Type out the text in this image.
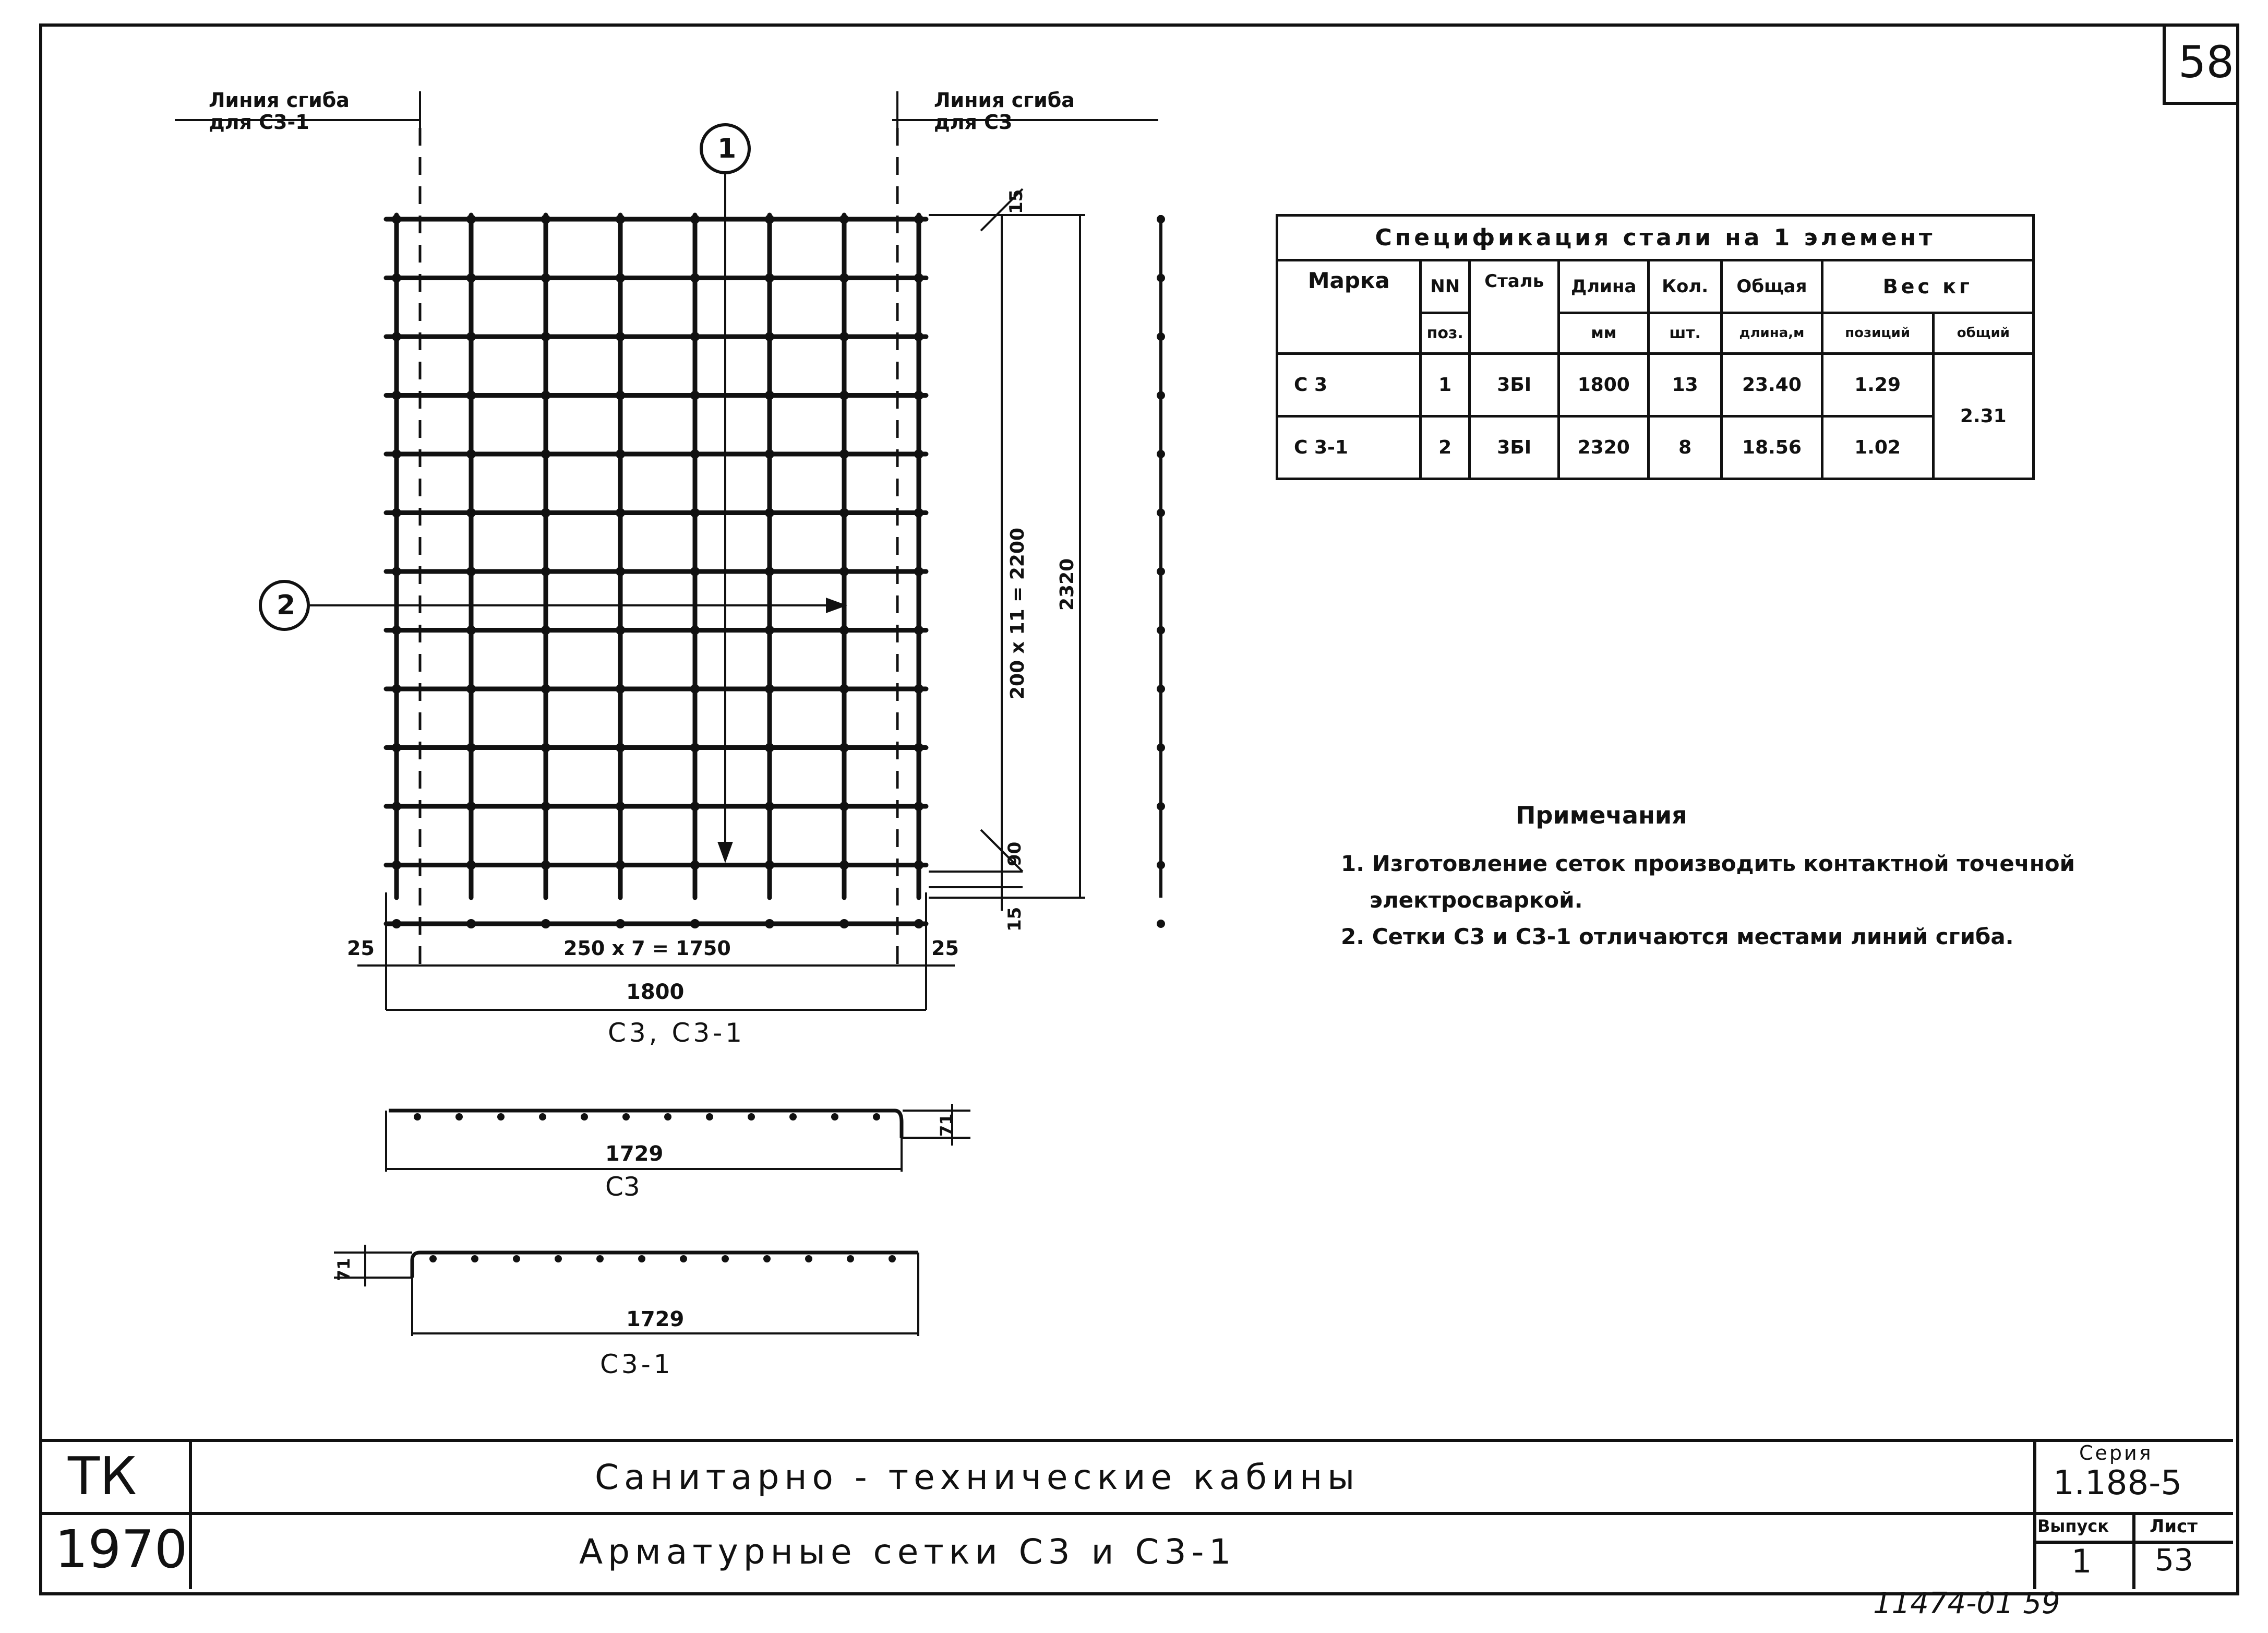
58
Линия сгиба
для С3-1
Линия сгиба
для С3
1
2
15
200 x 11 = 2200 2320
90
15
25	25
250 x 7 = 1750
1800
С3, С3-1
1729
71
С3
1729
71
С3-1
Спецификация стали на 1 элемент							
Марка	NN	Сталь	Длина	Кол.	Общая	Вес кг	
	поз.		мм	шт.	длина,м	позиций	общий
С 3	1	3БI	1800	13	23.40	1.29	2.31
С 3-1	2	3БI	2320	8	18.56	1.02	
Примечания

1. Изготовление сеток производить контактной точечной электросваркой.

2. Сетки С3 и С3-1 отличаются местами линий сгиба.

ТК
1970
Санитарно - технические кабины
Арматурные сетки С3 и С3-1
Серия
1.188-5
Выпуск
1
Лист
53
11474-01 59
